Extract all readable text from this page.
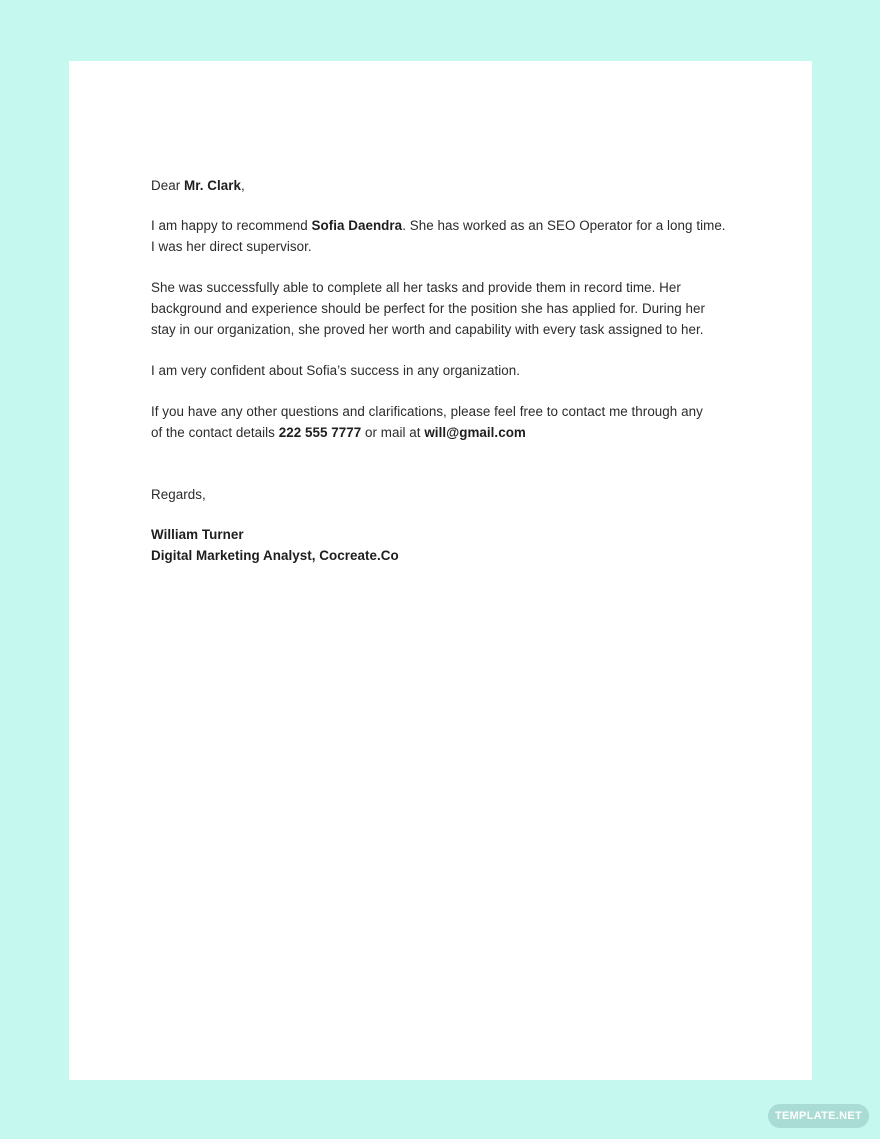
Dear Mr. Clark,

I am happy to recommend Sofia Daendra. She has worked as an SEO Operator for a long time.
I was her direct supervisor.

She was successfully able to complete all her tasks and provide them in record time. Her
background and experience should be perfect for the position she has applied for. During her
stay in our organization, she proved her worth and capability with every task assigned to her.

I am very confident about Sofia’s success in any organization.

If you have any other questions and clarifications, please feel free to contact me through any
of the contact details 222 555 7777 or mail at will@gmail.com

Regards,

William Turner
Digital Marketing Analyst, Cocreate.Co

TEMPLATE.NET
